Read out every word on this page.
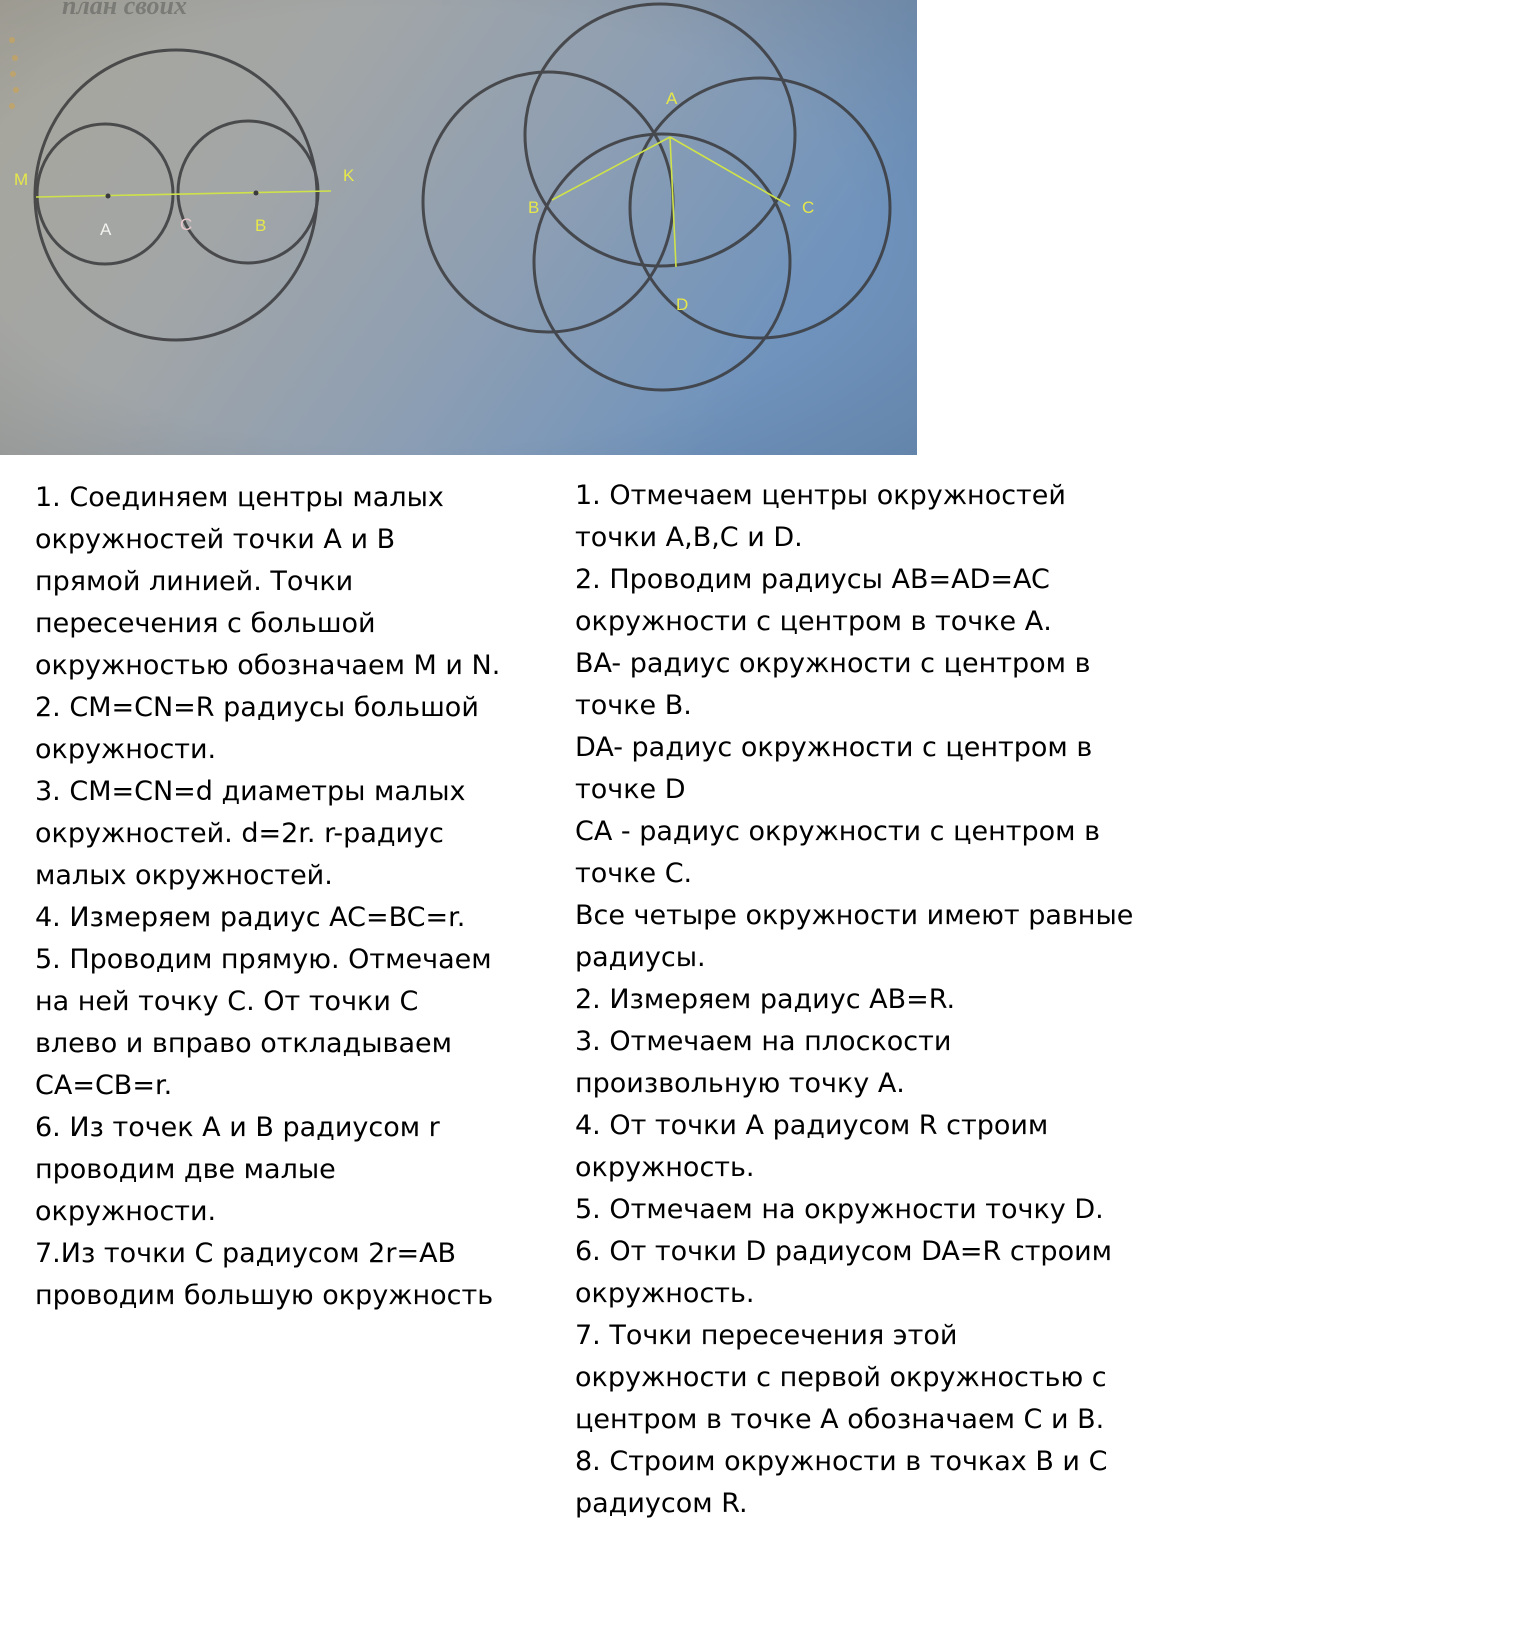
план своих
M	K
A	C	B
A
B	C
D

1. Соединяем центры малых окружностей точки А и В прямой линией. Точки пересечения с большой окружностью обозначаем М и N.

2. CM=CN=R радиусы большой окружности.

3. CM=CN=d диаметры малых окружностей. d=2r. r-радиус малых окружностей.

4. Измеряем радиус AC=BC=r.

5. Проводим прямую. Отмечаем на ней точку С. От точки С влево и вправо откладываем CA=CB=r.

6. Из точек А и В радиусом r проводим две малые окружности.

7.Из точки С радиусом 2r=AB проводим большую окружность

1. Отмечаем центры окружностей точки A,B,C и D.

2. Проводим радиусы AB=AD=AC окружности с центром в точке А.

BA- радиус окружности с центром в точке В.

DA- радиус окружности с центром в точке D

CA - радиус окружности с центром в точке С.

Все четыре окружности имеют равные радиусы.

2. Измеряем радиус AB=R.

3. Отмечаем на плоскости произвольную точку А.

4. От точки А радиусом R строим окружность.

5. Отмечаем на окружности точку D.

6. От точки D радиусом DA=R строим окружность.

7. Точки пересечения этой окружности с первой окружностью с центром в точке А обозначаем С и В.

8. Строим окружности в точках В и С радиусом R.
